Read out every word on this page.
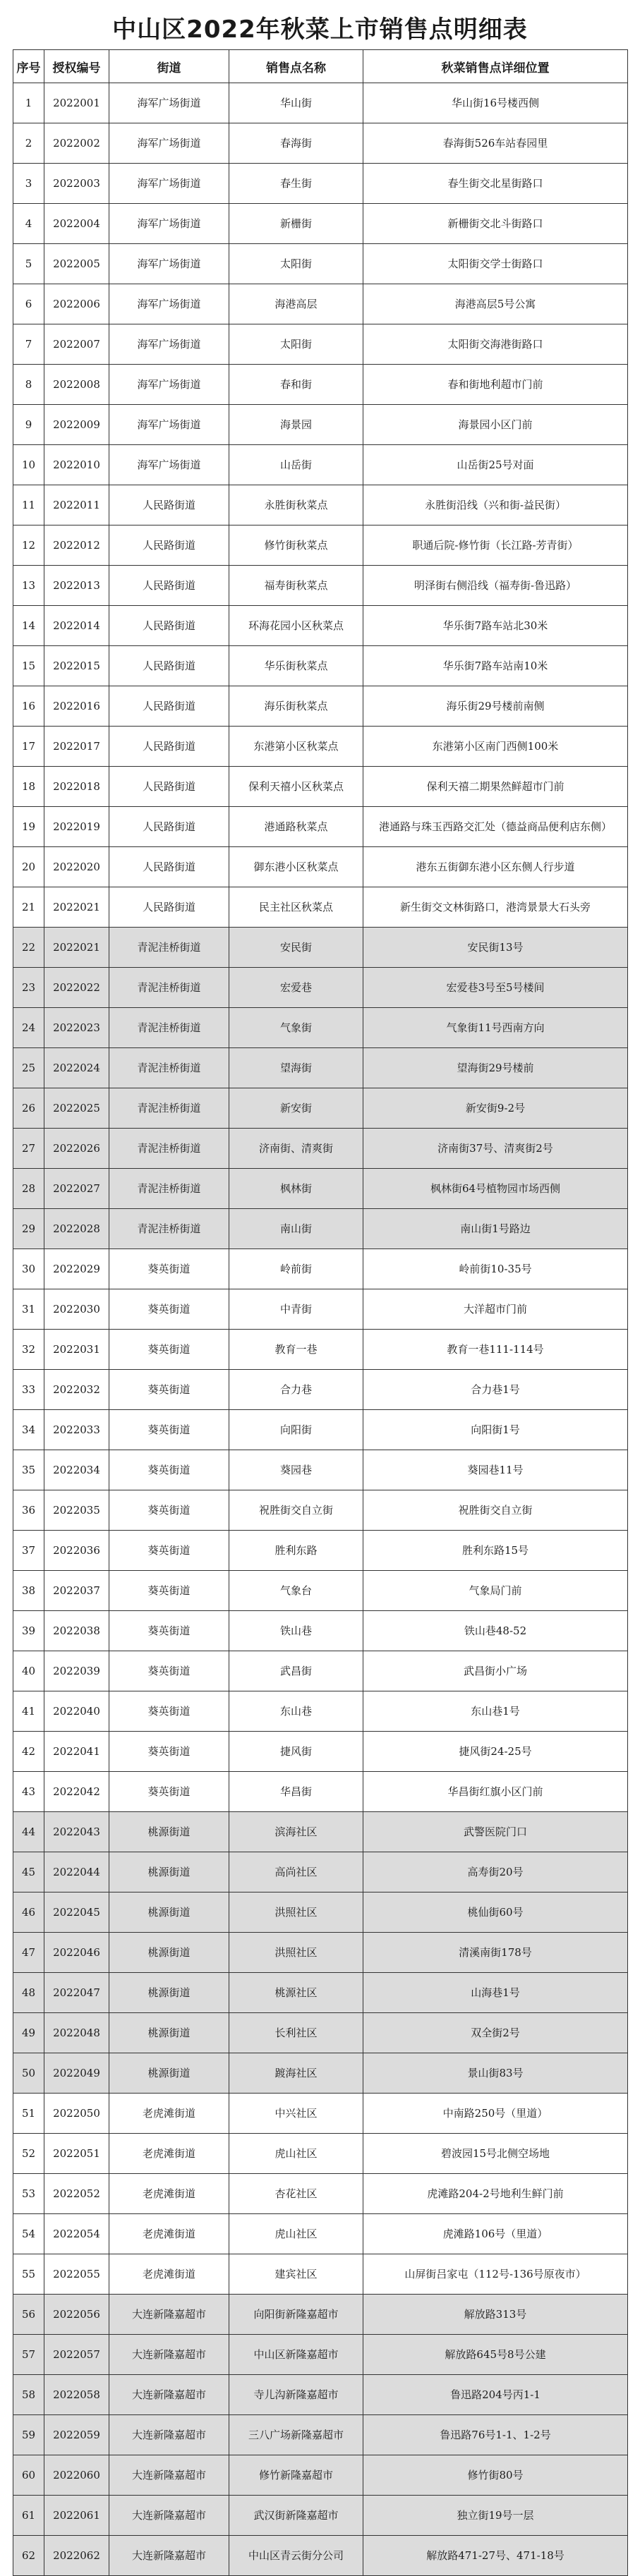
中山区2022年秋菜上市销售点明细表
序号	授权编号	街道	销售点名称	秋菜销售点详细位置
1	2022001	海军广场街道	华山街	华山街16号楼西侧
2	2022002	海军广场街道	春海街	春海街526车站春园里
3	2022003	海军广场街道	春生街	春生街交北星街路口
4	2022004	海军广场街道	新栅街	新栅街交北斗街路口
5	2022005	海军广场街道	太阳街	太阳街交学士街路口
6	2022006	海军广场街道	海港高层	海港高层5号公寓
7	2022007	海军广场街道	太阳街	太阳街交海港街路口
8	2022008	海军广场街道	春和街	春和街地利超市门前
9	2022009	海军广场街道	海景园	海景园小区门前
10	2022010	海军广场街道	山岳街	山岳街25号对面
11	2022011	人民路街道	永胜街秋菜点	永胜街沿线（兴和街-益民街）
12	2022012	人民路街道	修竹街秋菜点	职通后院-修竹街（长江路-芳青街）
13	2022013	人民路街道	福寿街秋菜点	明泽街右侧沿线（福寿街-鲁迅路）
14	2022014	人民路街道	环海花园小区秋菜点	华乐街7路车站北30米
15	2022015	人民路街道	华乐街秋菜点	华乐街7路车站南10米
16	2022016	人民路街道	海乐街秋菜点	海乐街29号楼前南侧
17	2022017	人民路街道	东港第小区秋菜点	东港第小区南门西侧100米
18	2022018	人民路街道	保利天禧小区秋菜点	保利天禧二期果然鲜超市门前
19	2022019	人民路街道	港通路秋菜点	港通路与珠玉西路交汇处（德益商品便利店东侧）
20	2022020	人民路街道	御东港小区秋菜点	港东五街御东港小区东侧人行步道
21	2022021	人民路街道	民主社区秋菜点	新生街交文林街路口，港湾景景大石头旁
22	2022021	青泥洼桥街道	安民街	安民街13号
23	2022022	青泥洼桥街道	宏爱巷	宏爱巷3号至5号楼间
24	2022023	青泥洼桥街道	气象街	气象街11号西南方向
25	2022024	青泥洼桥街道	望海街	望海街29号楼前
26	2022025	青泥洼桥街道	新安街	新安街9-2号
27	2022026	青泥洼桥街道	济南街、清爽街	济南街37号、清爽街2号
28	2022027	青泥洼桥街道	枫林街	枫林街64号植物园市场西侧
29	2022028	青泥洼桥街道	南山街	南山街1号路边
30	2022029	葵英街道	岭前街	岭前街10-35号
31	2022030	葵英街道	中青街	大洋超市门前
32	2022031	葵英街道	教育一巷	教育一巷111-114号
33	2022032	葵英街道	合力巷	合力巷1号
34	2022033	葵英街道	向阳街	向阳街1号
35	2022034	葵英街道	葵园巷	葵园巷11号
36	2022035	葵英街道	祝胜街交自立街	祝胜街交自立街
37	2022036	葵英街道	胜利东路	胜利东路15号
38	2022037	葵英街道	气象台	气象局门前
39	2022038	葵英街道	铁山巷	铁山巷48-52
40	2022039	葵英街道	武昌街	武昌街小广场
41	2022040	葵英街道	东山巷	东山巷1号
42	2022041	葵英街道	捷风街	捷风街24-25号
43	2022042	葵英街道	华昌街	华昌街红旗小区门前
44	2022043	桃源街道	滨海社区	武警医院门口
45	2022044	桃源街道	高尚社区	高寿街20号
46	2022045	桃源街道	洪照社区	桃仙街60号
47	2022046	桃源街道	洪照社区	清溪南街178号
48	2022047	桃源街道	桃源社区	山海巷1号
49	2022048	桃源街道	长利社区	双全街2号
50	2022049	桃源街道	踱海社区	景山街83号
51	2022050	老虎滩街道	中兴社区	中南路250号（里道）
52	2022051	老虎滩街道	虎山社区	碧波园15号北侧空场地
53	2022052	老虎滩街道	杏花社区	虎滩路204-2号地利生鲜门前
54	2022054	老虎滩街道	虎山社区	虎滩路106号（里道）
55	2022055	老虎滩街道	建宾社区	山屏街吕家屯（112号-136号原夜市）
56	2022056	大连新隆嘉超市	向阳街新隆嘉超市	解放路313号
57	2022057	大连新隆嘉超市	中山区新隆嘉超市	解放路645号8号公建
58	2022058	大连新隆嘉超市	寺儿沟新隆嘉超市	鲁迅路204号丙1-1
59	2022059	大连新隆嘉超市	三八广场新隆嘉超市	鲁迅路76号1-1、1-2号
60	2022060	大连新隆嘉超市	修竹新隆嘉超市	修竹街80号
61	2022061	大连新隆嘉超市	武汉街新隆嘉超市	独立街19号一层
62	2022062	大连新隆嘉超市	中山区青云街分公司	解放路471-27号、471-18号
